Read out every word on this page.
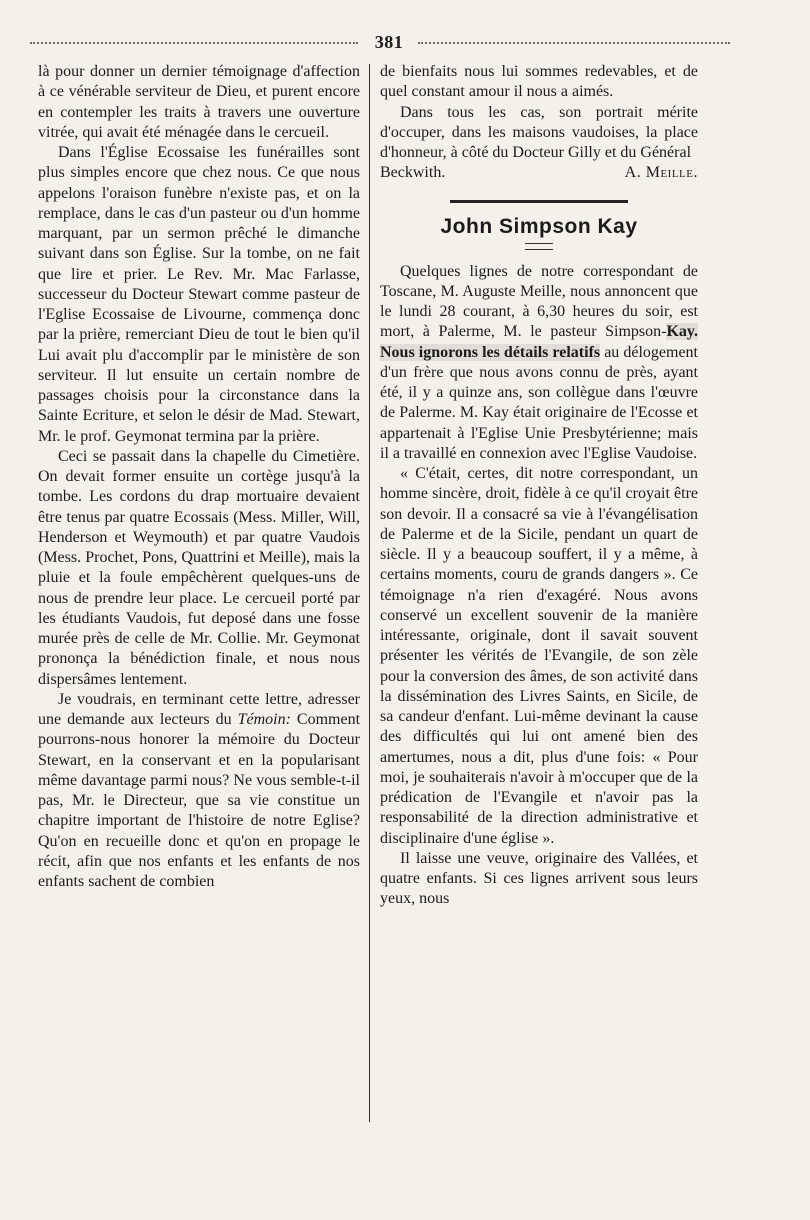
381

là pour donner un dernier témoignage d'affection à ce vénérable serviteur de Dieu, et purent encore en contempler les traits à travers une ouverture vitrée, qui avait été ménagée dans le cercueil.

Dans l'Église Ecossaise les funérailles sont plus simples encore que chez nous. Ce que nous appelons l'oraison funèbre n'existe pas, et on la remplace, dans le cas d'un pasteur ou d'un homme marquant, par un sermon prêché le dimanche suivant dans son Église. Sur la tombe, on ne fait que lire et prier. Le Rev. Mr. Mac Farlasse, successeur du Docteur Stewart comme pasteur de l'Eglise Ecossaise de Livourne, commença donc par la prière, remerciant Dieu de tout le bien qu'il Lui avait plu d'accomplir par le ministère de son serviteur. Il lut ensuite un certain nombre de passages choisis pour la circonstance dans la Sainte Ecriture, et selon le désir de Mad. Stewart, Mr. le prof. Geymonat termina par la prière.

Ceci se passait dans la chapelle du Cimetière. On devait former ensuite un cortège jusqu'à la tombe. Les cordons du drap mortuaire devaient être tenus par quatre Ecossais (Mess. Miller, Will, Henderson et Weymouth) et par quatre Vaudois (Mess. Prochet, Pons, Quattrini et Meille), mais la pluie et la foule empêchèrent quelques-uns de nous de prendre leur place. Le cercueil porté par les étudiants Vaudois, fut deposé dans une fosse murée près de celle de Mr. Collie. Mr. Geymonat prononça la bénédiction finale, et nous nous dispersâmes lentement.

Je voudrais, en terminant cette lettre, adresser une demande aux lecteurs du Témoin: Comment pourrons-nous honorer la mémoire du Docteur Stewart, en la conservant et en la popularisant même davantage parmi nous? Ne vous semble-t-il pas, Mr. le Directeur, que sa vie constitue un chapitre important de l'histoire de notre Eglise? Qu'on en recueille donc et qu'on en propage le récit, afin que nos enfants et les enfants de nos enfants sachent de combien

de bienfaits nous lui sommes redevables, et de quel constant amour il nous a aimés.

Dans tous les cas, son portrait mérite d'occuper, dans les maisons vaudoises, la place d'honneur, à côté du Docteur Gilly et du Général

Beckwith.	A. Meille.
John Simpson Kay

Quelques lignes de notre correspondant de Toscane, M. Auguste Meille, nous annoncent que le lundi 28 courant, à 6,30 heures du soir, est mort, à Palerme, M. le pasteur Simpson-Kay. Nous ignorons les détails relatifs au délogement d'un frère que nous avons connu de près, ayant été, il y a quinze ans, son collègue dans l'œuvre de Palerme. M. Kay était originaire de l'Ecosse et appartenait à l'Eglise Unie Presbytérienne; mais il a travaillé en connexion avec l'Eglise Vaudoise.

« C'était, certes, dit notre correspondant, un homme sincère, droit, fidèle à ce qu'il croyait être son devoir. Il a consacré sa vie à l'évangélisation de Palerme et de la Sicile, pendant un quart de siècle. Il y a beaucoup souffert, il y a même, à certains moments, couru de grands dangers ». Ce témoignage n'a rien d'exagéré. Nous avons conservé un excellent souvenir de la manière intéressante, originale, dont il savait souvent présenter les vérités de l'Evangile, de son zèle pour la conversion des âmes, de son activité dans la dissémination des Livres Saints, en Sicile, de sa candeur d'enfant. Lui-même devinant la cause des difficultés qui lui ont amené bien des amertumes, nous a dit, plus d'une fois: « Pour moi, je souhaiterais n'avoir à m'occuper que de la prédication de l'Evangile et n'avoir pas la responsabilité de la direction administrative et disciplinaire d'une église ».

Il laisse une veuve, originaire des Vallées, et quatre enfants. Si ces lignes arrivent sous leurs yeux, nous
